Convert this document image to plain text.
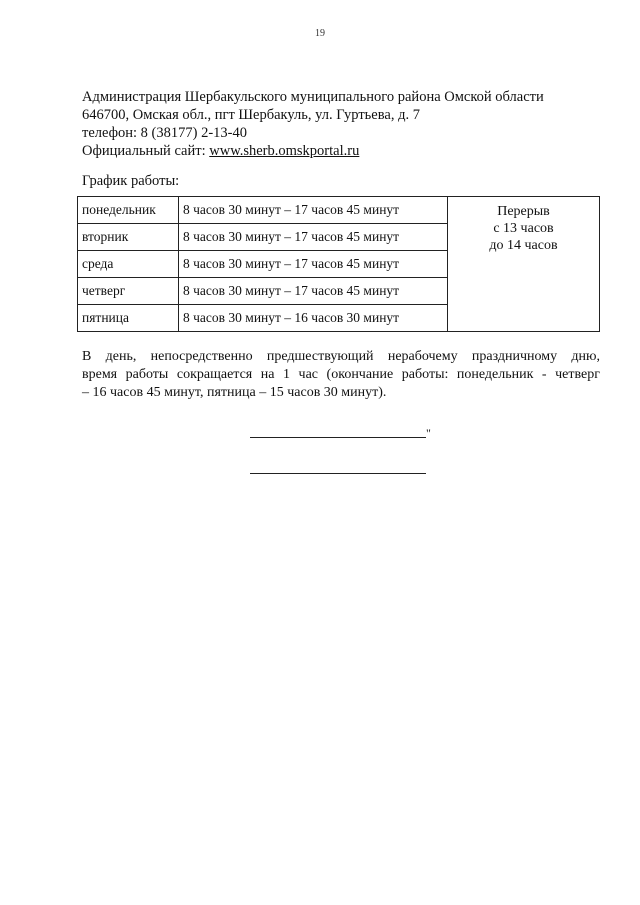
19
Администрация Шербакульского муниципального района Омской области
646700, Омская обл., пгт Шербакуль, ул. Гуртьева, д. 7
телефон: 8 (38177) 2-13-40
Официальный сайт: www.sherb.omskportal.ru
График работы:
понедельник	8 часов 30 минут – 17 часов 45 минут	Перерыв
с 13 часов
до 14 часов

вторник	8 часов 30 минут – 17 часов 45 минут	
среда	8 часов 30 минут – 17 часов 45 минут	
четверг	8 часов 30 минут – 17 часов 45 минут	
пятница	8 часов 30 минут – 16 часов 30 минут	
В день, непосредственно предшествующий нерабочему праздничному дню,
время работы сокращается на 1 час (окончание работы: понедельник - четверг
– 16 часов 45 минут, пятница – 15 часов 30 минут).
"
